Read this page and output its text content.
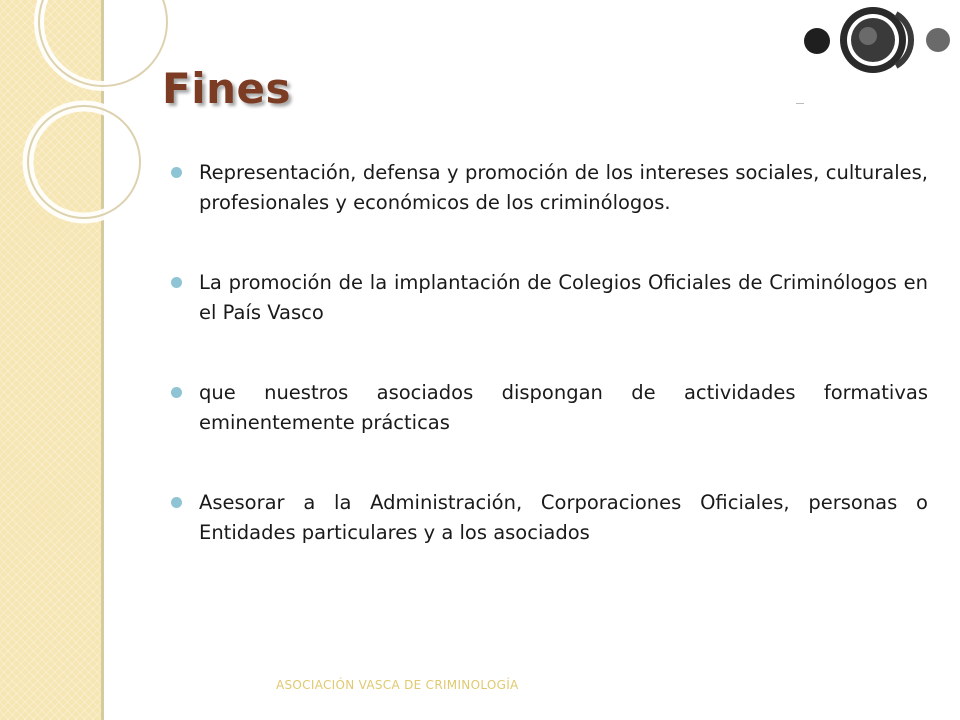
Fines
Representación, defensa y promoción de los intereses sociales, culturales, profesionales y económicos de los criminólogos.
La promoción de la implantación de Colegios Oficiales de Criminólogos en el País Vasco
que nuestros asociados dispongan de actividades formativas eminentemente prácticas
Asesorar a la Administración, Corporaciones Oficiales, personas o Entidades particulares y a los asociados
ASOCIACIÓN VASCA DE CRIMINOLOGÍA
